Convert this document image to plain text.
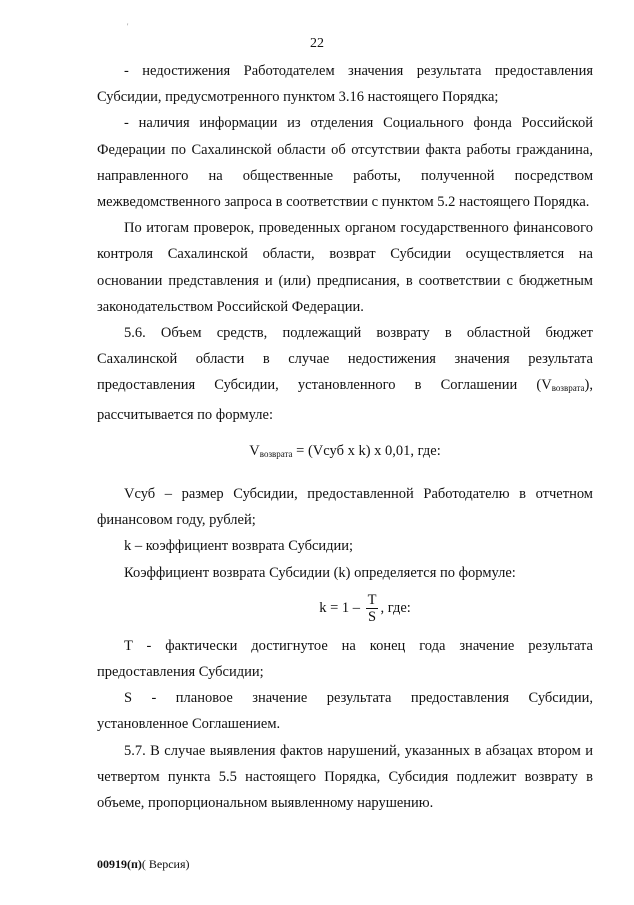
'
22

- недостижения Работодателем значения результата предоставления Субсидии, предусмотренного пунктом 3.16 настоящего Порядка;

- наличия информации из отделения Социального фонда Российской Федерации по Сахалинской области об отсутствии факта работы гражданина, направленного на общественные работы, полученной посредством межведомственного запроса в соответствии с пунктом 5.2 настоящего Порядка.

По итогам проверок, проведенных органом государственного финансового контроля Сахалинской области, возврат Субсидии осуществляется на основании представления и (или) предписания, в соответствии с бюджетным законодательством Российской Федерации.

5.6. Объем средств, подлежащий возврату в областной бюджет Сахалинской области в случае недостижения значения результата предоставления Субсидии, установленного в Соглашении $(V_{возврата})$, рассчитывается по формуле:

$V_{возврата}$ = (Vсуб x k) x 0,01, где:

Vсуб – размер Субсидии, предоставленной Работодателю в отчетном финансовом году, рублей;

k – коэффициент возврата Субсидии;

Коэффициент возврата Субсидии (k) определяется по формуле:

$k = 1 - \frac{T}{S}$ , где:

T - фактически достигнутое на конец года значение результата предоставления Субсидии;

S - плановое значение результата предоставления Субсидии, установленное Соглашением.

5.7. В случае выявления фактов нарушений, указанных в абзацах втором и четвертом пункта 5.5 настоящего Порядка, Субсидия подлежит возврату в объеме, пропорциональном выявленному нарушению.

00919(п)( Версия)
